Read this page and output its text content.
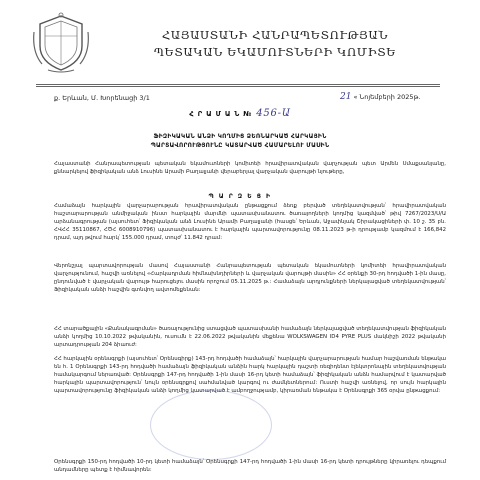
ՀԱՅԱՍՏԱՆԻ ՀԱՆՐԱՊԵՏՈՒԹՅԱՆ
ՊԵՏԱԿԱՆ ԵԿԱՄՈՒՏՆԵՐԻ ԿՈՄԻՏԵ
ք. Երևան, Մ. Խորենացի 3/1	21 « Նոյեմբերի 2025թ.
Հ Ր Ա Մ Ա Ն № 456-Ա
ՖԻԶԻԿԱԿԱՆ ԱՆՁԻ ԿՈՂՄԻՑ ՁԵՌՆԱՐԿԱԾ ՀԱՐԿԱՅԻՆ
ՊԱՐՏԱՎՈՐՈՒԹՅՈՒՆԸ ԿԱՏԱՐՎԱԾ ՀԱՄԱՐԵԼՈՒ ՄԱՍԻՆ
Հայաստանի Հանրապետության պետական եկամուտների կոմիտեի հրավիրատվական վարչության պետ Արմեն Սմաքսանյանը, քննարկելով ֆիզիկական անձ Լուսինե Արամի Բաղալյանի վերաբերյալ վարչական վարույթի նյութերը,
Պ Ա Ր Զ Ե Ց Ի
Համաձայն հարկային վարչարարության հրավիրատվական ընթացքում ձեռք բերված տեղեկատվության՝ հրավիրատվական հաշտարարության անմիջական ինստ հարկային մարմնի պատասխանատու ծառայողների կողմից կազմված՝ թիվ 7267/2023/Ս/Ա արձանագրության (այսուհետ՝ Ֆիզիկական անձ Լուսինե Արամի Բաղալյանի (հասցե՝ Երևան, Աջափնյակ Շիրակացիների փ. 10 շ. 35 բն. ՀՎՀՀ 35110867, ՀԾՀ 6008910796) պատասխանատու է հարկային պարտավորությունը 08.11.2023 թ-ի դրությամբ կազմում է 166,842 դրամ, այդ թվում հարկ՝ 155.000 դրամ, տույժ՝ 11.842 դրամ:
Վերոնշյալ պարտավորության մասով Հայաստանի Հանրապետության պետական եկամուտների կոմիտեի հրավիրատվական վարչությունում, հաշվի առնելով «Հարկադրման հիմնախնդիրների և վարչական վարույթի մասին» ՀՀ օրենքի 30-րդ հոդվածի 1-ին մասը, ընդունված է վարչական վարույթ հարուցելու մասին որոշում 05.11.2025 թ.: Համաձայն արդյունքների ներկայացված տեղեկատվության՝ Ֆիզիկական անձի հաշվին գտնվող ավտոմեքենան:
ՀՀ տարածքային «Քանակագրման» ծառայությունից ստացված պատասխանի համաձայն ներկայացված տեղեկատվության ֆիզիկական անձի կողմից 10.10.2022 թվականին, ուսումն է 22.06.2022 թվականին մեքենա WOLKSWAGEN ID4 PYRE PLUS մակնիշի 2022 թվականի արտադրության 204 ձիաուժ:
ՀՀ հարկային օրենսգրքի (այսուհետ՝ Օրենսգիրք) 143-րդ հոդվածի համաձայն՝ հարկային վարչարարության համար հաշվառման ենթակա են հ. 1 Օրենսգրքի 143-րդ հոդվածի համաձայն ֆիզիկական անձին հարկ հարկային դաշտի ռեզիդենտ էլեկտրոնային տեղեկատվության համակարգում ներառված: Օրենսգրքի 147-րդ հոդվածի 1-ին մասի 16-րդ կետի համաձայն՝ ֆիզիկական անձն համարվում է կատարված հարկային պարտավորություն՝ նույն օրենսգրքով սահմանված կարգով ու ժամկետներում: Ուստի հաշվի առնելով, որ սույն հարկային պարտավորությունը ֆիզիկական անձի կողմից կատարված է ամբողջությամբ, կիրառման ենթակա է Օրենսգրքի 365 օրվա ընթացքում:
Օրենսգրքի 150-րդ հոդվածի 10-րդ կետի համաձայն՝ Օրենսգրքի 147-րդ հոդվածի 1-ին մասի 16-րդ կետի դրույթները կիրառելու դեպքում անդամները պետք է հիմնավորեն:
